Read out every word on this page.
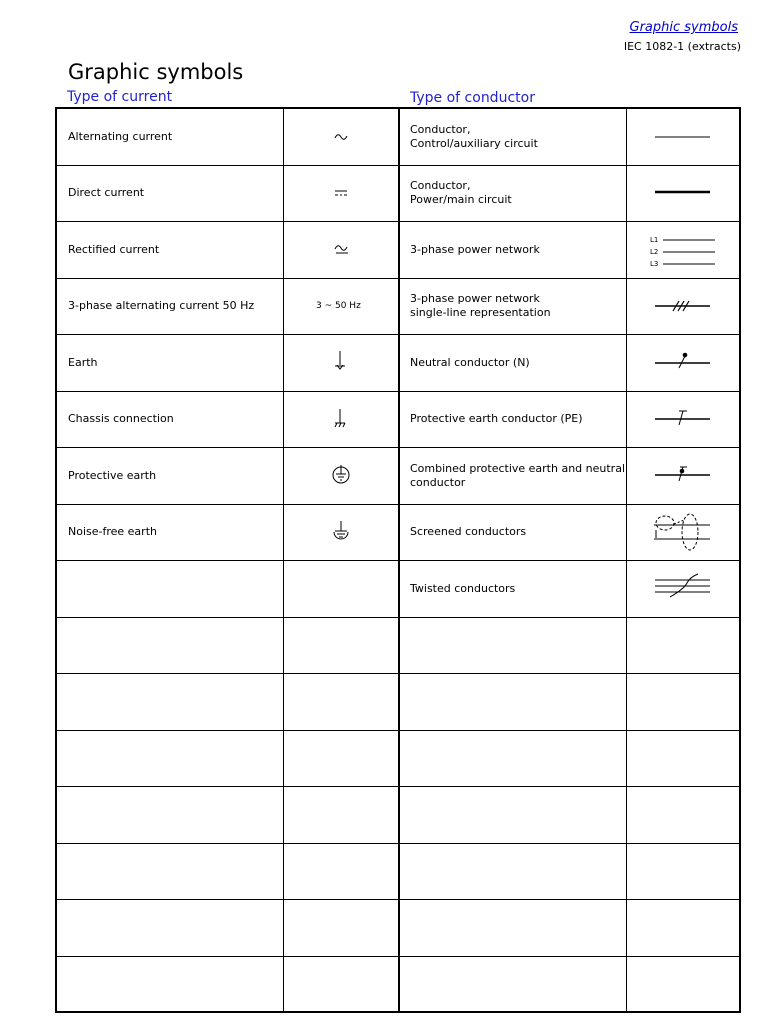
Graphic symbols
IEC 1082-1 (extracts)
Graphic symbols
Type of current	Type of conductor
Alternating current
Direct current
Rectified current
3-phase alternating current 50 Hz
Earth
Chassis connection
Protective earth
Noise-free earth
3 ~ 50 Hz
Conductor,
Control/auxiliary circuit
Conductor,
Power/main circuit
3-phase power network
3-phase power network
single-line representation
Neutral conductor (N)
Protective earth conductor (PE)
Combined protective earth and neutral
conductor
Screened conductors
Twisted conductors
L1
L2
L3
